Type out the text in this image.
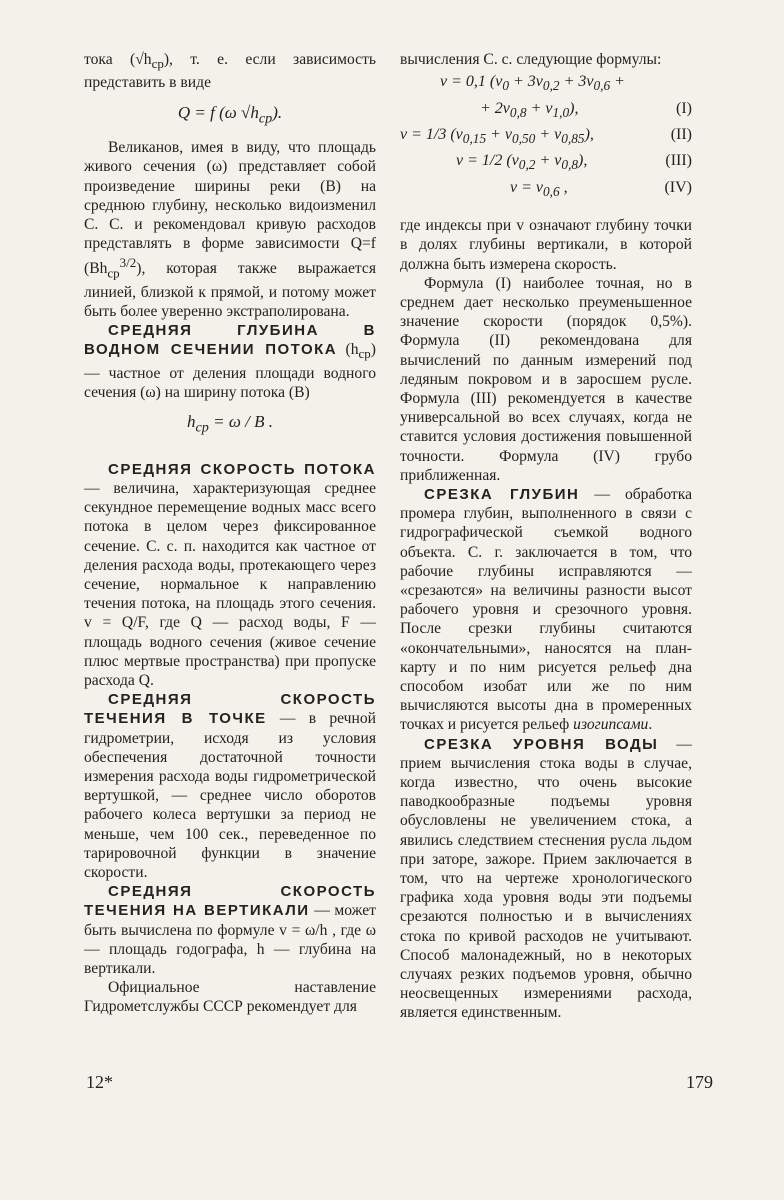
тока $(√h_{ср})$, т. е. если зависимость представить в виде

Q = f (ω $√h_{ср}$).

Великанов, имея в виду, что площадь живого сечения (ω) представляет собой произведение ширины реки (B) на среднюю глубину, несколько видоизменил С. С. и рекомендовал кривую расходов представлять в форме зависимости Q=f $(Bh_{ср}^{3/2})$, которая также выражается линией, близкой к прямой, и потому может быть более уверенно экстраполирована.

СРЕДНЯЯ ГЛУБИНА В ВОДНОМ СЕЧЕНИИ ПОТОКА $(h_{ср})$ — частное от деления площади водного сечения (ω) на ширину потока (B)

$h_{ср} = \omega / B$ .

СРЕДНЯЯ СКОРОСТЬ ПОТОКА — величина, характеризующая среднее секундное перемещение водных масс всего потока в целом через фиксированное сечение. С. с. п. находится как частное от деления расхода воды, протекающего через сечение, нормальное к направлению течения потока, на площадь этого сечения. v = Q/F, где Q — расход воды, F — площадь водного сечения (живое сечение плюс мертвые пространства) при пропуске расхода Q.

СРЕДНЯЯ СКОРОСТЬ ТЕЧЕНИЯ В ТОЧКЕ — в речной гидрометрии, исходя из условия обеспечения достаточной точности измерения расхода воды гидрометрической вертушкой, — среднее число оборотов рабочего колеса вертушки за период не меньше, чем 100 сек., переведенное по тарировочной функции в значение скорости.

СРЕДНЯЯ СКОРОСТЬ ТЕЧЕНИЯ НА ВЕРТИКАЛИ — может быть вычислена по формуле v = ω/h , где ω — площадь годографа, h — глубина на вертикали.

Официальное наставление Гидрометслужбы СССР рекомендует для

вычисления С. с. следующие формулы:

v = 0,1 ($v_0 + 3v_{0,2} + 3v_{0,6}$ +
+ $2v_{0,8} + v_{1,0}$),	(I)
v = 1/3 $(v_{0,15} + v_{0,50} + v_{0,85})$,	(II)
v = 1/2 $(v_{0,2} + v_{0,8})$,	(III)
$v = v_{0,6}$ ,	(IV)

где индексы при v означают глубину точки в долях глубины вертикали, в которой должна быть измерена скорость.

Формула (I) наиболее точная, но в среднем дает несколько преуменьшенное значение скорости (порядок 0,5%). Формула (II) рекомендована для вычислений по данным измерений под ледяным покровом и в заросшем русле. Формула (III) рекомендуется в качестве универсальной во всех случаях, когда не ставится условия достижения повышенной точности. Формула (IV) грубо приближенная.

СРЕЗКА ГЛУБИН — обработка промера глубин, выполненного в связи с гидрографической съемкой водного объекта. С. г. заключается в том, что рабочие глубины исправляются — «срезаются» на величины разности высот рабочего уровня и срезочного уровня. После срезки глубины считаются «окончательными», наносятся на план-карту и по ним рисуется рельеф дна способом изобат или же по ним вычисляются высоты дна в промеренных точках и рисуется рельеф изогипсами.

СРЕЗКА УРОВНЯ ВОДЫ — прием вычисления стока воды в случае, когда известно, что очень высокие паводкообразные подъемы уровня обусловлены не увеличением стока, а явились следствием стеснения русла льдом при заторе, зажоре. Прием заключается в том, что на чертеже хронологического графика хода уровня воды эти подъемы срезаются полностью и в вычислениях стока по кривой расходов не учитывают. Способ малонадежный, но в некоторых случаях резких подъемов уровня, обычно неосвещенных измерениями расхода, является единственным.

12*	179
